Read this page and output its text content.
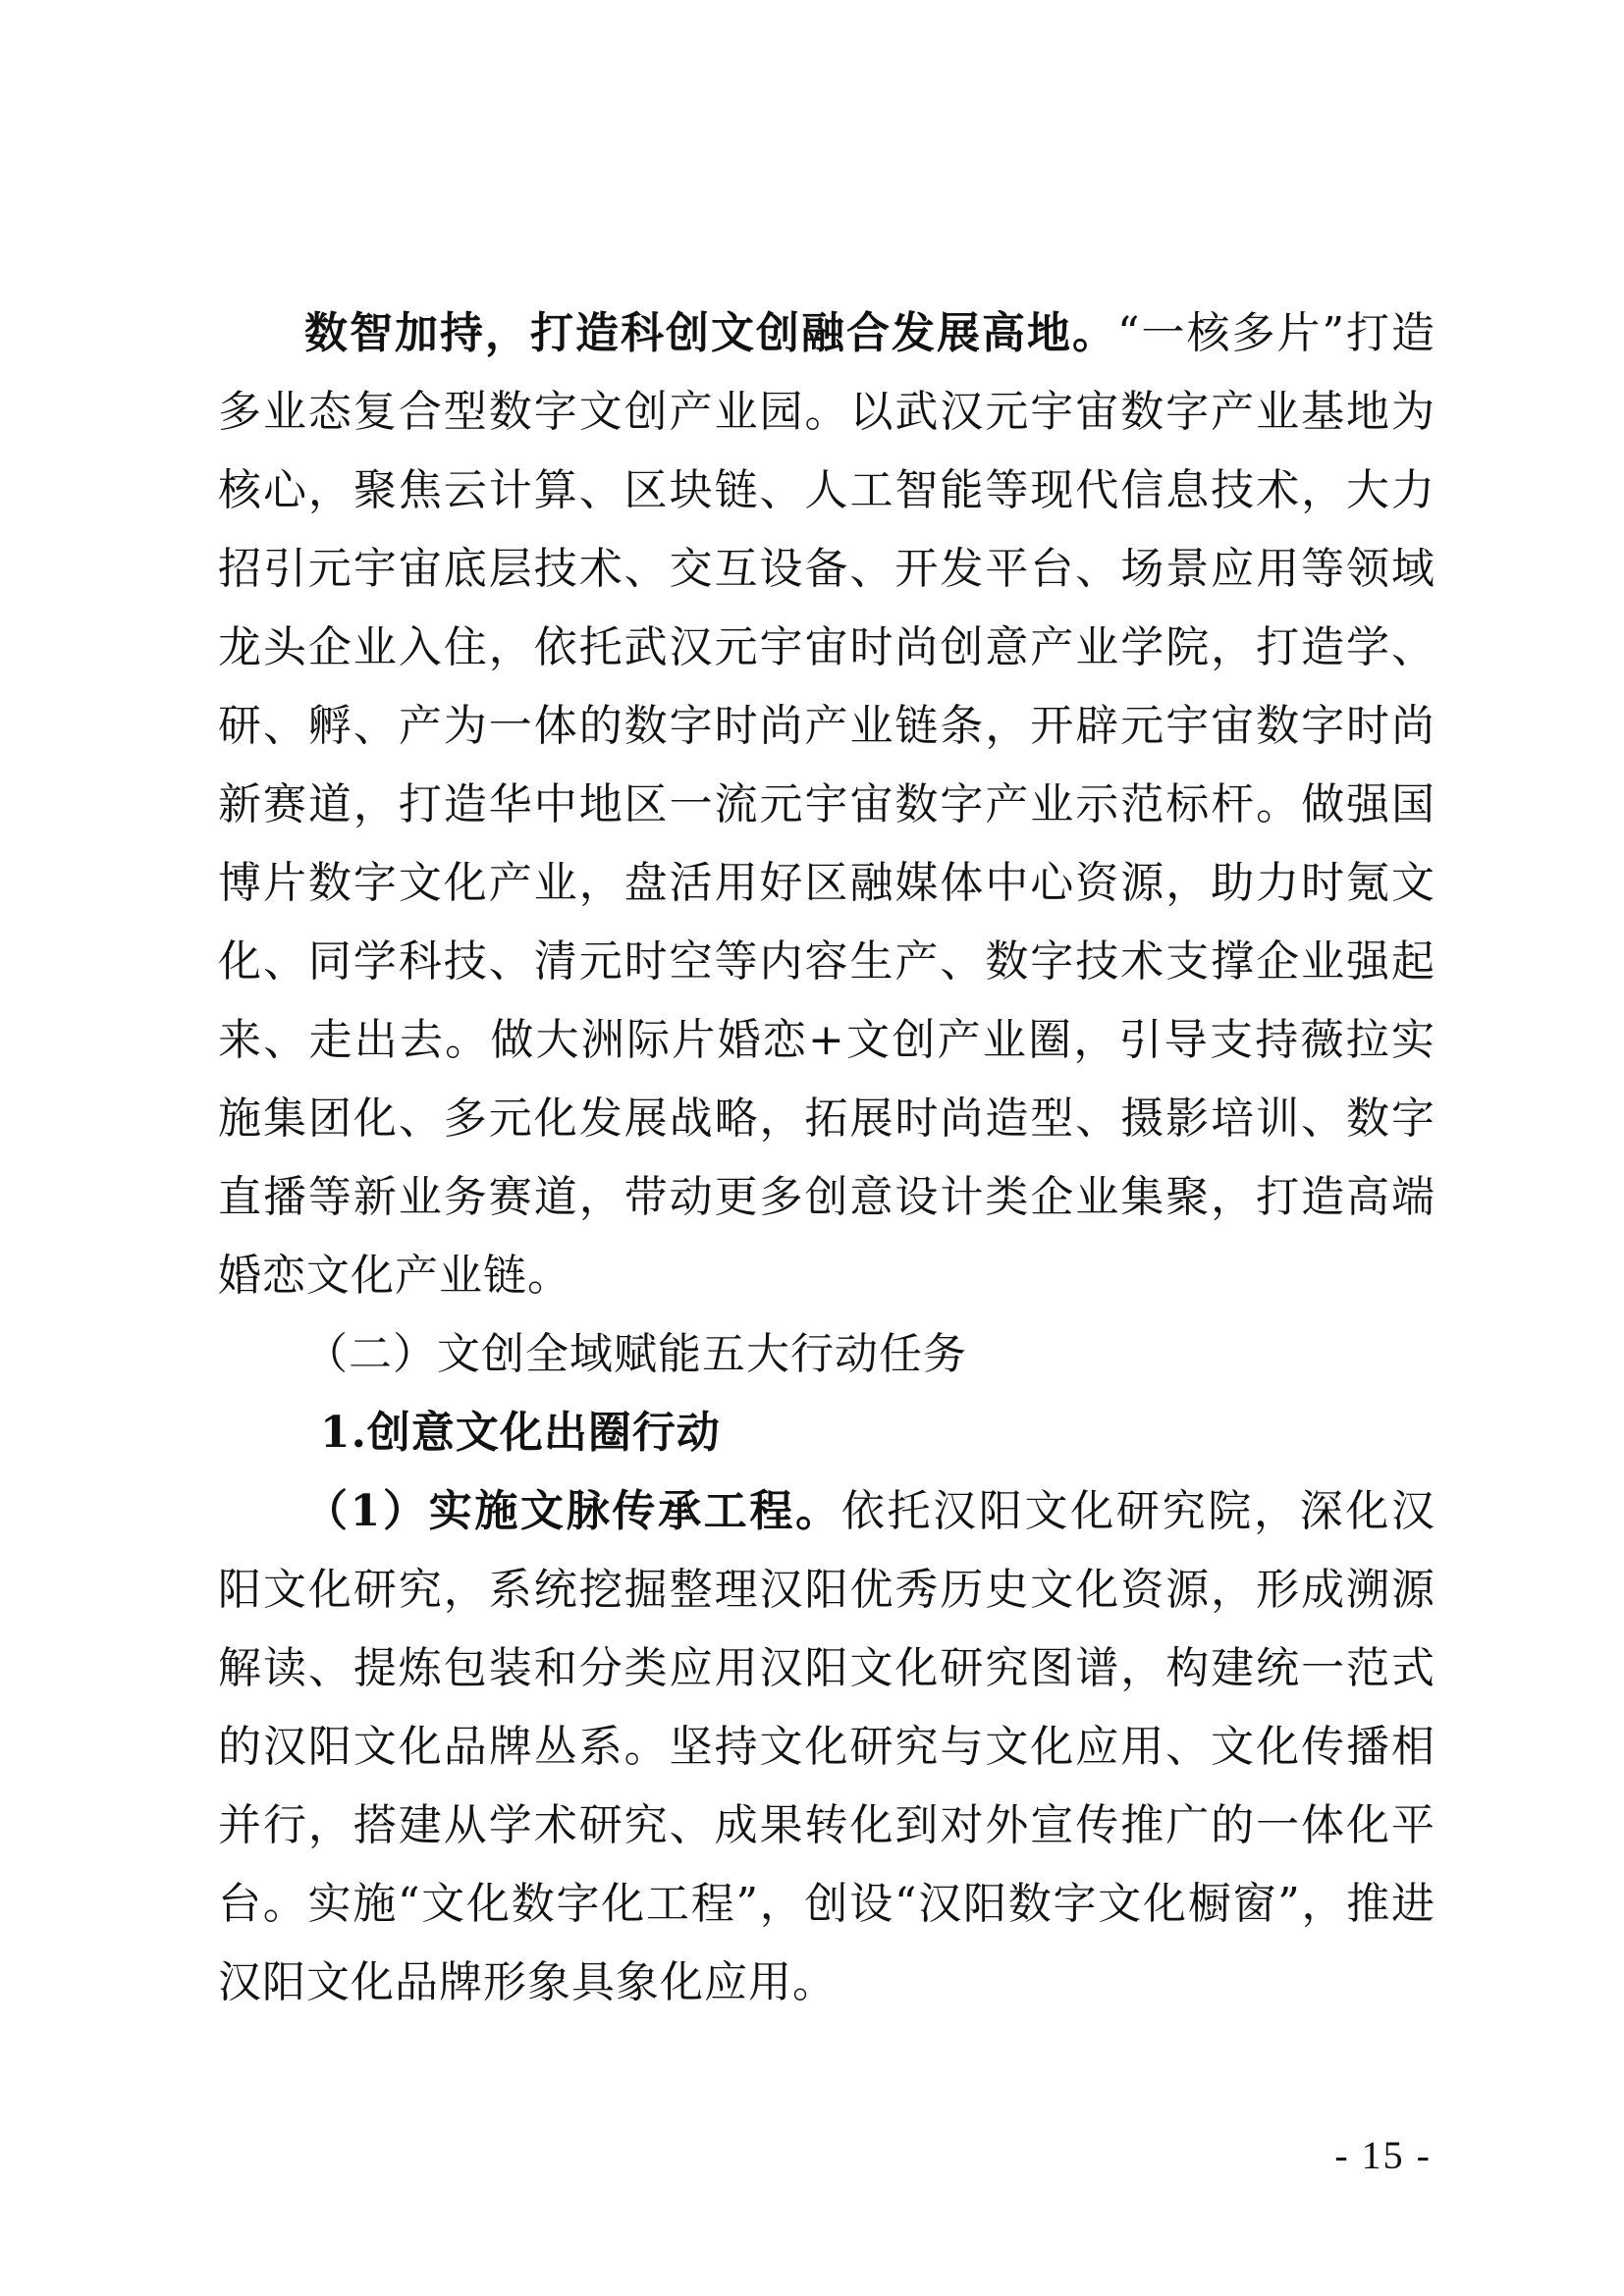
数智加持，打造科创文创融合发展高地。“一核多片”打造多业态复合型数字文创产业园。以武汉元宇宙数字产业基地为核心，聚焦云计算、区块链、人工智能等现代信息技术，大力招引元宇宙底层技术、交互设备、开发平台、场景应用等领域龙头企业入住，依托武汉元宇宙时尚创意产业学院，打造学、研、孵、产为一体的数字时尚产业链条，开辟元宇宙数字时尚新赛道，打造华中地区一流元宇宙数字产业示范标杆。做强国博片数字文化产业，盘活用好区融媒体中心资源，助力时氪文化、同学科技、清元时空等内容生产、数字技术支撑企业强起来、走出去。做大洲际片婚恋+文创产业圈，引导支持薇拉实施集团化、多元化发展战略，拓展时尚造型、摄影培训、数字直播等新业务赛道，带动更多创意设计类企业集聚，打造高端婚恋文化产业链。

（二）文创全域赋能五大行动任务

1.创意文化出圈行动

（1）实施文脉传承工程。依托汉阳文化研究院，深化汉阳文化研究，系统挖掘整理汉阳优秀历史文化资源，形成溯源解读、提炼包装和分类应用汉阳文化研究图谱，构建统一范式的汉阳文化品牌丛系。坚持文化研究与文化应用、文化传播相并行，搭建从学术研究、成果转化到对外宣传推广的一体化平台。实施“文化数字化工程”，创设“汉阳数字文化橱窗”，推进汉阳文化品牌形象具象化应用。

- 15 -
